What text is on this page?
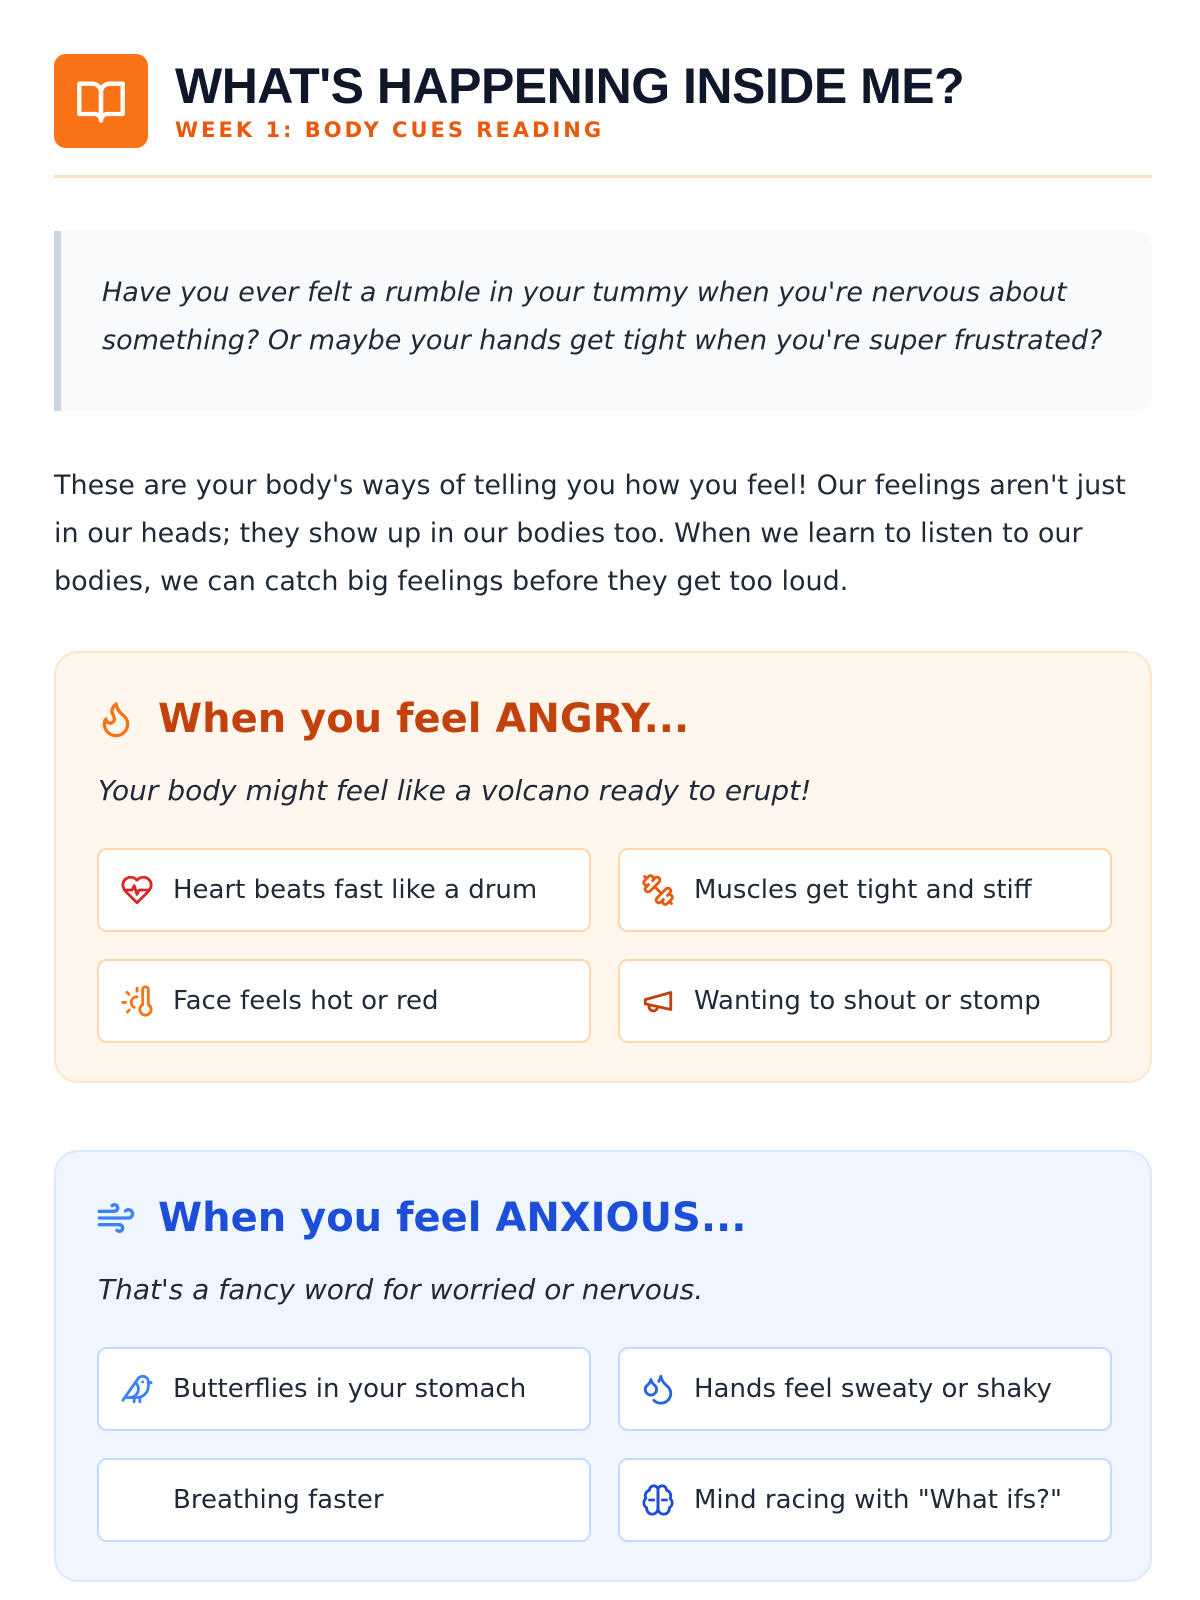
WHAT'S HAPPENING INSIDE ME?
WEEK 1: BODY CUES READING
Have you ever felt a rumble in your tummy when you're nervous about something? Or maybe your hands get tight when you're super frustrated?
These are your body's ways of telling you how you feel! Our feelings aren't just in our heads; they show up in our bodies too. When we learn to listen to our bodies, we can catch big feelings before they get too loud.
When you feel ANGRY...
Your body might feel like a volcano ready to erupt!
Heart beats fast like a drum	Muscles get tight and stiff
Face feels hot or red	Wanting to shout or stomp
When you feel ANXIOUS...
That's a fancy word for worried or nervous.
Butterflies in your stomach	Hands feel sweaty or shaky
Breathing faster	Mind racing with "What ifs?"
